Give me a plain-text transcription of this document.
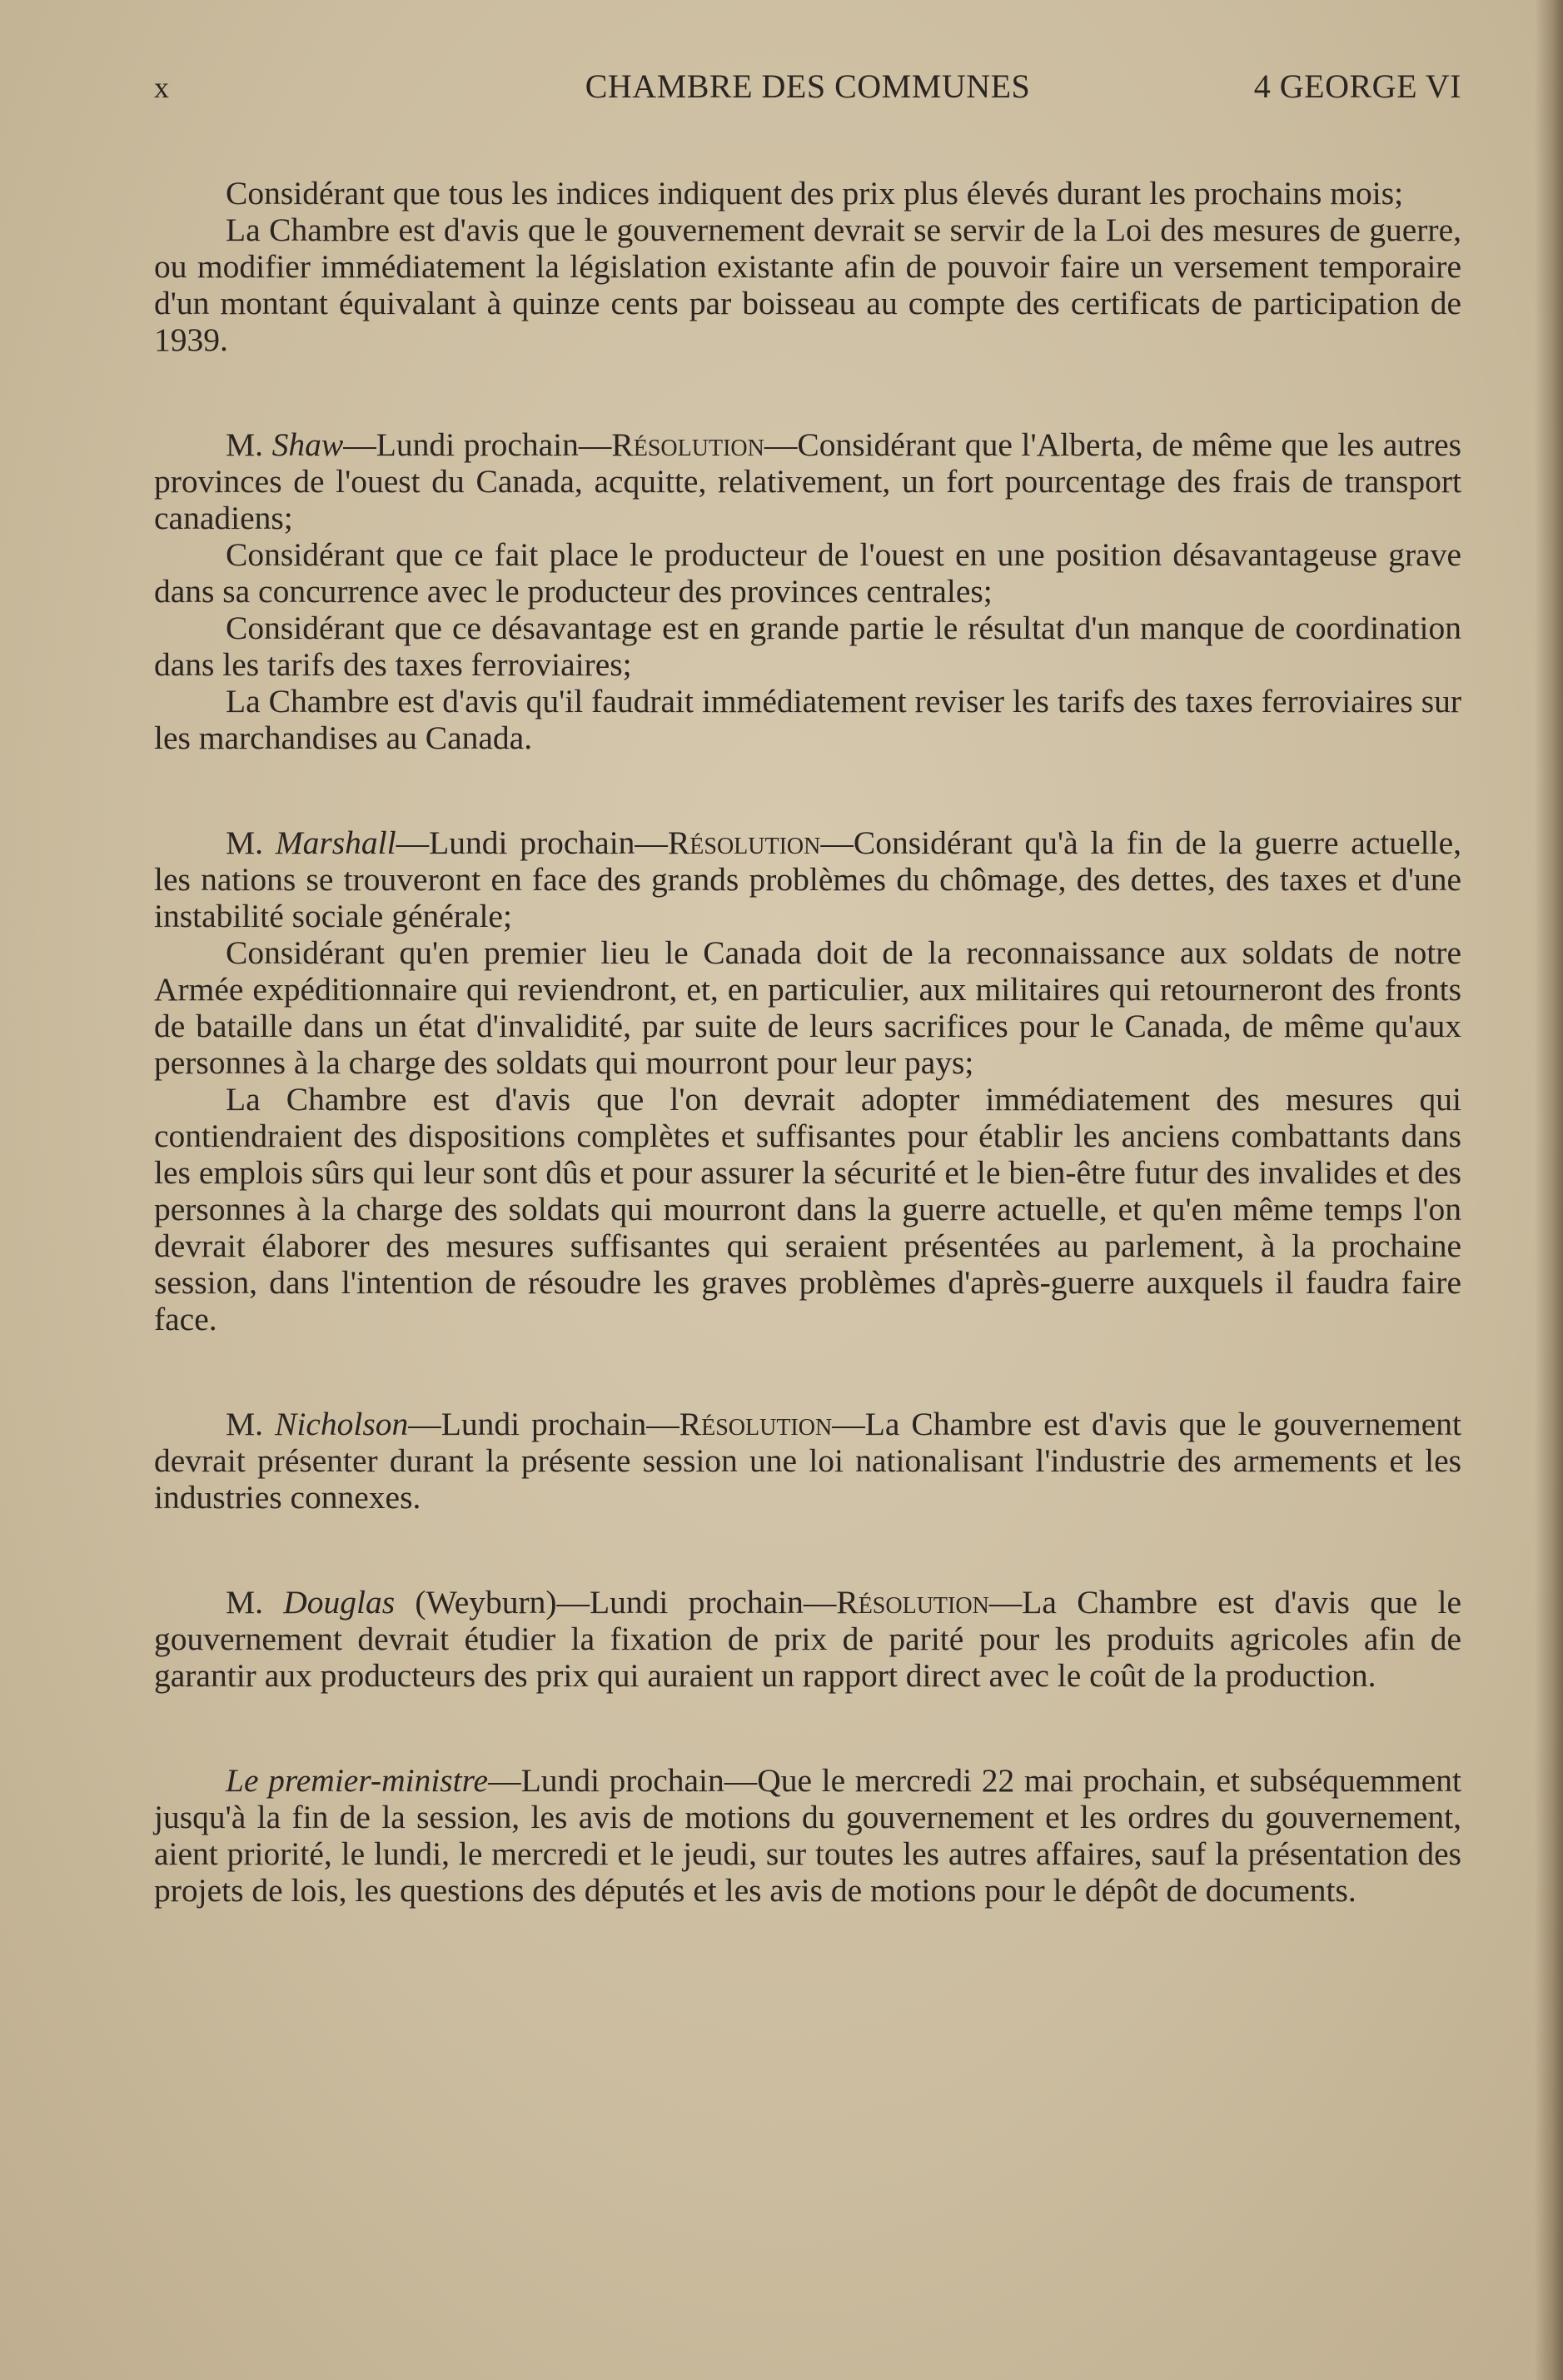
x	CHAMBRE DES COMMUNES	4 GEORGE VI

Considérant que tous les indices indiquent des prix plus élevés durant les prochains mois;

La Chambre est d'avis que le gouvernement devrait se servir de la Loi des mesures de guerre, ou modifier immédiatement la législation existante afin de pouvoir faire un versement temporaire d'un montant équivalant à quinze cents par boisseau au compte des certificats de participation de 1939.

M. Shaw—Lundi prochain—Résolution—Considérant que l'Alberta, de même que les autres provinces de l'ouest du Canada, acquitte, relativement, un fort pourcentage des frais de transport canadiens;

Considérant que ce fait place le producteur de l'ouest en une position désavantageuse grave dans sa concurrence avec le producteur des provinces centrales;

Considérant que ce désavantage est en grande partie le résultat d'un manque de coordination dans les tarifs des taxes ferroviaires;

La Chambre est d'avis qu'il faudrait immédiatement reviser les tarifs des taxes ferroviaires sur les marchandises au Canada.

M. Marshall—Lundi prochain—Résolution—Considérant qu'à la fin de la guerre actuelle, les nations se trouveront en face des grands problèmes du chômage, des dettes, des taxes et d'une instabilité sociale générale;

Considérant qu'en premier lieu le Canada doit de la reconnaissance aux soldats de notre Armée expéditionnaire qui reviendront, et, en particulier, aux militaires qui retourneront des fronts de bataille dans un état d'invalidité, par suite de leurs sacrifices pour le Canada, de même qu'aux personnes à la charge des soldats qui mourront pour leur pays;

La Chambre est d'avis que l'on devrait adopter immédiatement des mesures qui contiendraient des dispositions complètes et suffisantes pour établir les anciens combattants dans les emplois sûrs qui leur sont dûs et pour assurer la sécurité et le bien-être futur des invalides et des personnes à la charge des soldats qui mourront dans la guerre actuelle, et qu'en même temps l'on devrait élaborer des mesures suffisantes qui seraient présentées au parlement, à la prochaine session, dans l'intention de résoudre les graves problèmes d'après-guerre auxquels il faudra faire face.

M. Nicholson—Lundi prochain—Résolution—La Chambre est d'avis que le gouvernement devrait présenter durant la présente session une loi nationalisant l'industrie des armements et les industries connexes.

M. Douglas (Weyburn)—Lundi prochain—Résolution—La Chambre est d'avis que le gouvernement devrait étudier la fixation de prix de parité pour les produits agricoles afin de garantir aux producteurs des prix qui auraient un rapport direct avec le coût de la production.

Le premier-ministre—Lundi prochain—Que le mercredi 22 mai prochain, et subséquemment jusqu'à la fin de la session, les avis de motions du gouvernement et les ordres du gouvernement, aient priorité, le lundi, le mercredi et le jeudi, sur toutes les autres affaires, sauf la présentation des projets de lois, les questions des députés et les avis de motions pour le dépôt de documents.
